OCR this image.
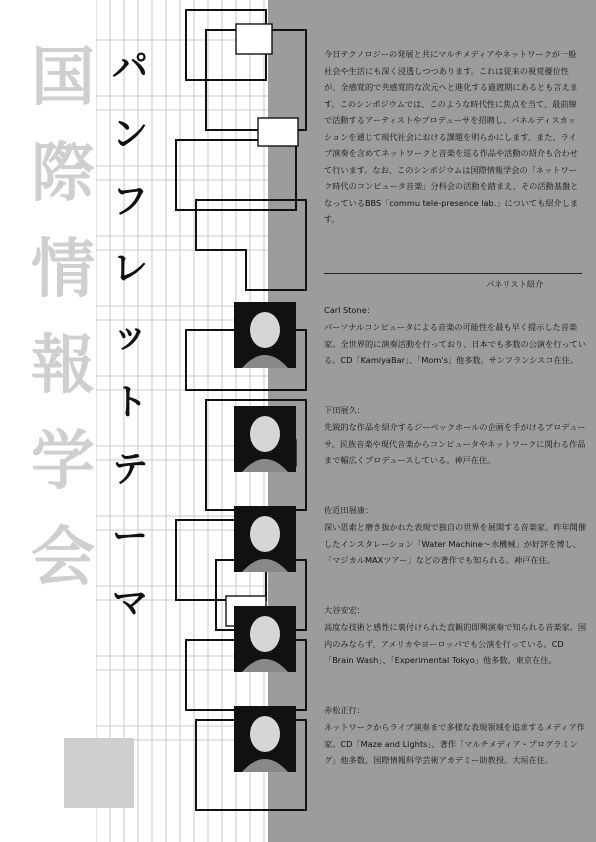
国
際
情
報
学
会
パ
ン
フ
レ
ッ
ト
テ
ー
マ

今日テクノロジーの発展と共にマルチメディアやネットワークが一般社会や生活にも深く浸透しつつあります。これは従来の視覚優位性が、全感覚的で共感覚的な次元へと進化する過渡期にあるとも言えます。このシンポジウムでは、このような時代性に焦点を当て、最前線で活動するアーティストやプロデューサを招聘し、パネルディスカッションを通じて現代社会における課題を明らかにします。また、ライブ演奏を含めてネットワークと音楽を巡る作品や活動の紹介も合わせて行います。なお、このシンポジウムは国際情報学会の「ネットワーク時代のコンピュータ音楽」分科会の活動を踏まえ、その活動基盤となっているBBS「commu tele-presence lab.」についても紹介します。

パネリスト紹介
Carl Stone：

パーソナルコンピュータによる音楽の可能性を最も早く提示した音楽家。全世界的に演奏活動を行っており、日本でも多数の公演を行っている。CD「KamiyaBar」、「Mom's」他多数。サンフランシスコ在住。

下田展久：

先鋭的な作品を紹介するジーベックホールの企画を手がけるプロデューサ。民族音楽や現代音楽からコンピュータやネットワークに関わる作品まで幅広くプロデュースしている。神戸在住。

佐近田展康：

深い思索と磨き抜かれた表現で独自の世界を展開する音楽家。昨年開催したインスタレーション「Water Machine〜水機械」が好評を博し、「マジカルMAXツアー」などの著作でも知られる。神戸在住。

大谷安宏：

高度な技術と感性に裏付けられた直観的即興演奏で知られる音楽家。国内のみならず、アメリカやヨーロッパでも公演を行っている。CD「Brain Wash」、「Experimental Tokyo」他多数。東京在住。

赤松正行：

ネットワークからライブ演奏まで多様な表現領域を追求するメディア作家。CD「Maze and Lights」、著作「マルチメディア・プログラミング」他多数。国際情報科学芸術アカデミー助教授。大垣在住。
